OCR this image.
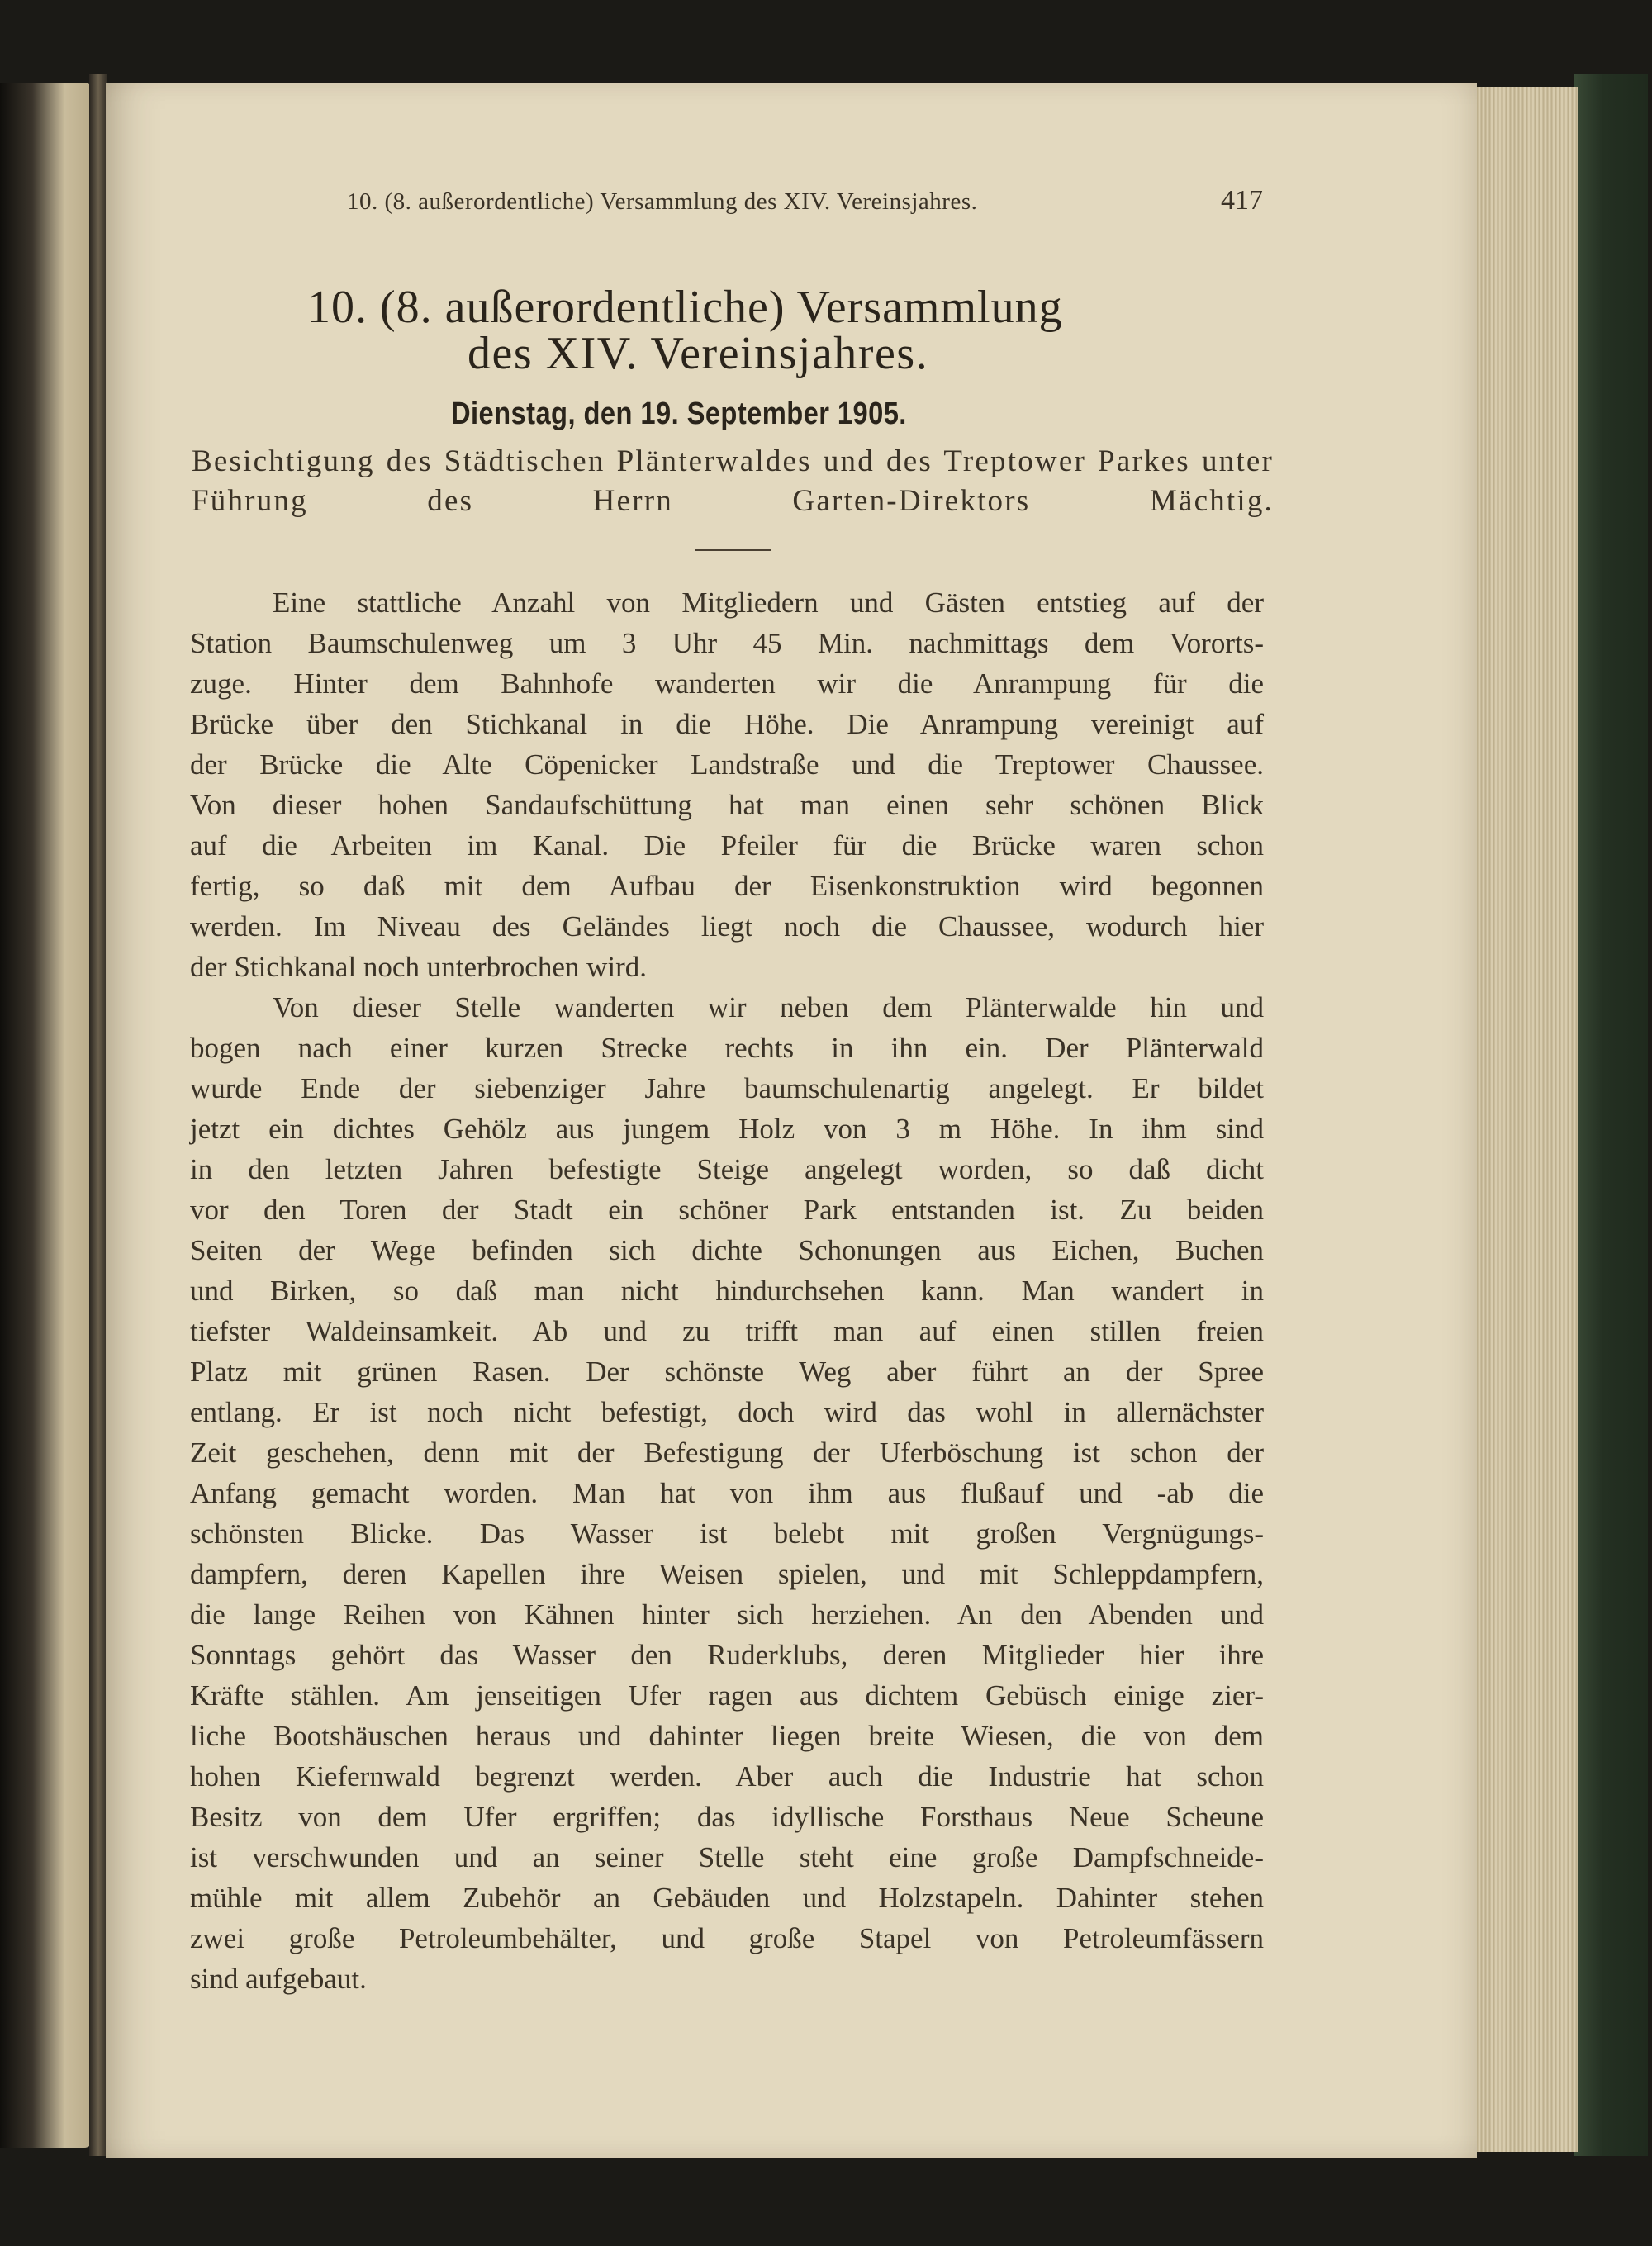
10. (8. außerordentliche) Versammlung des XIV. Vereinsjahres.	417
10. (8. außerordentliche) Versammlung
des XIV. Vereinsjahres.
Dienstag, den 19. September 1905.
Besichtigung des Städtischen Plänterwaldes und des Treptower Parkes unter Führung des Herrn Garten-Direktors Mächtig.
Eine stattliche Anzahl von Mitgliedern und Gästen entstieg auf der
Station Baumschulenweg um 3 Uhr 45 Min. nachmittags dem Vororts-
zuge. Hinter dem Bahnhofe wanderten wir die Anrampung für die
Brücke über den Stichkanal in die Höhe. Die Anrampung vereinigt auf
der Brücke die Alte Cöpenicker Landstraße und die Treptower Chaussee.
Von dieser hohen Sandaufschüttung hat man einen sehr schönen Blick
auf die Arbeiten im Kanal. Die Pfeiler für die Brücke waren schon
fertig, so daß mit dem Aufbau der Eisenkonstruktion wird begonnen
werden. Im Niveau des Geländes liegt noch die Chaussee, wodurch hier
der Stichkanal noch unterbrochen wird.
Von dieser Stelle wanderten wir neben dem Plänterwalde hin und
bogen nach einer kurzen Strecke rechts in ihn ein. Der Plänterwald
wurde Ende der siebenziger Jahre baumschulenartig angelegt. Er bildet
jetzt ein dichtes Gehölz aus jungem Holz von 3 m Höhe. In ihm sind
in den letzten Jahren befestigte Steige angelegt worden, so daß dicht
vor den Toren der Stadt ein schöner Park entstanden ist. Zu beiden
Seiten der Wege befinden sich dichte Schonungen aus Eichen, Buchen
und Birken, so daß man nicht hindurchsehen kann. Man wandert in
tiefster Waldeinsamkeit. Ab und zu trifft man auf einen stillen freien
Platz mit grünen Rasen. Der schönste Weg aber führt an der Spree
entlang. Er ist noch nicht befestigt, doch wird das wohl in allernächster
Zeit geschehen, denn mit der Befestigung der Uferböschung ist schon der
Anfang gemacht worden. Man hat von ihm aus flußauf und -ab die
schönsten Blicke. Das Wasser ist belebt mit großen Vergnügungs-
dampfern, deren Kapellen ihre Weisen spielen, und mit Schleppdampfern,
die lange Reihen von Kähnen hinter sich herziehen. An den Abenden und
Sonntags gehört das Wasser den Ruderklubs, deren Mitglieder hier ihre
Kräfte stählen. Am jenseitigen Ufer ragen aus dichtem Gebüsch einige zier-
liche Bootshäuschen heraus und dahinter liegen breite Wiesen, die von dem
hohen Kiefernwald begrenzt werden. Aber auch die Industrie hat schon
Besitz von dem Ufer ergriffen; das idyllische Forsthaus Neue Scheune
ist verschwunden und an seiner Stelle steht eine große Dampfschneide-
mühle mit allem Zubehör an Gebäuden und Holzstapeln. Dahinter stehen
zwei große Petroleumbehälter, und große Stapel von Petroleumfässern
sind aufgebaut.
